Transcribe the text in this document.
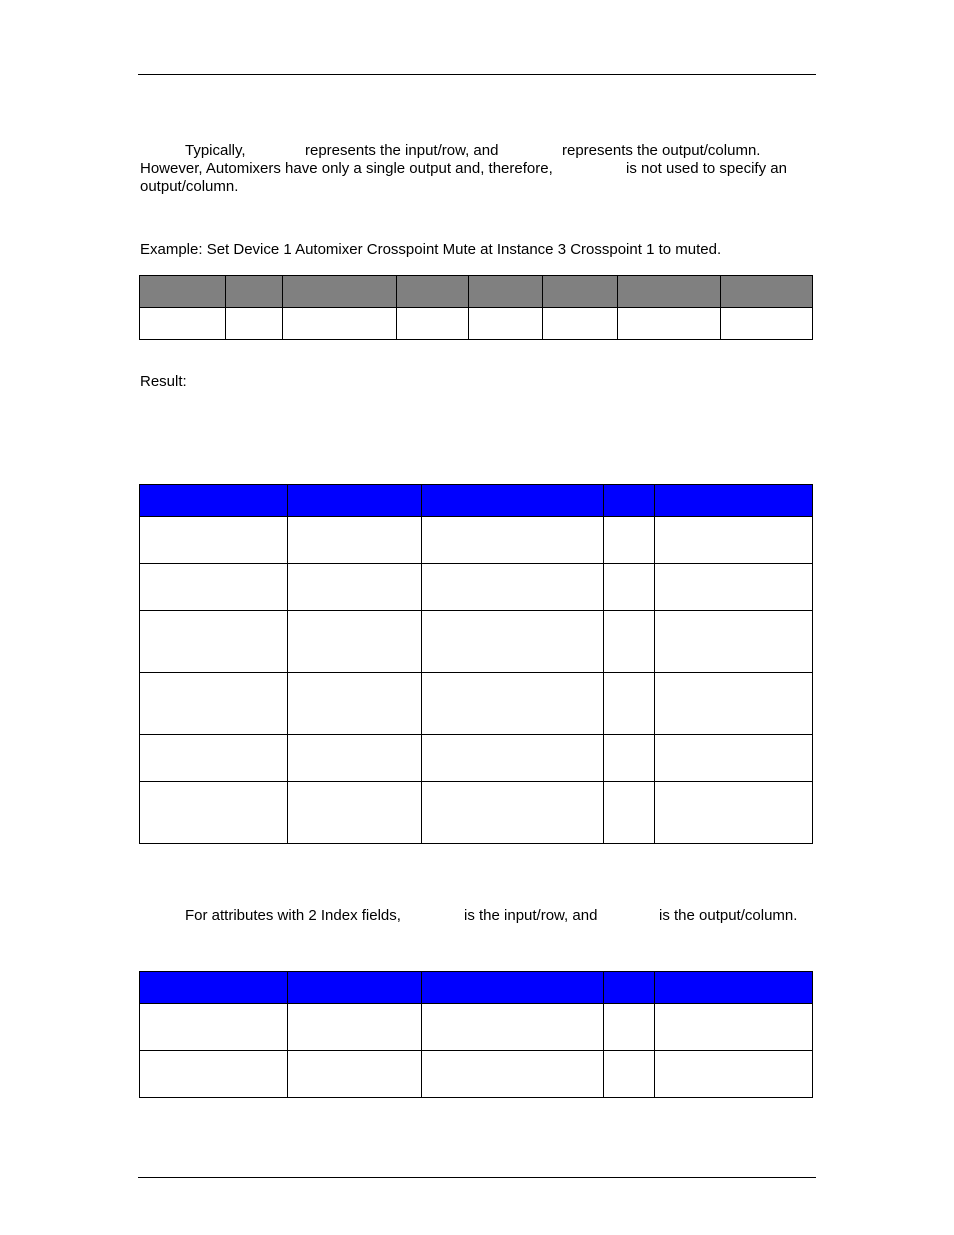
Typically,	represents the input/row, and	represents the output/column.
However, Automixers have only a single output and, therefore,	is not used to specify an
output/column.
Example: Set Device 1 Automixer Crosspoint Mute at Instance 3 Crosspoint 1 to muted.

Result:

For attributes with 2 Index fields,	is the input/row, and	is the output/column.
